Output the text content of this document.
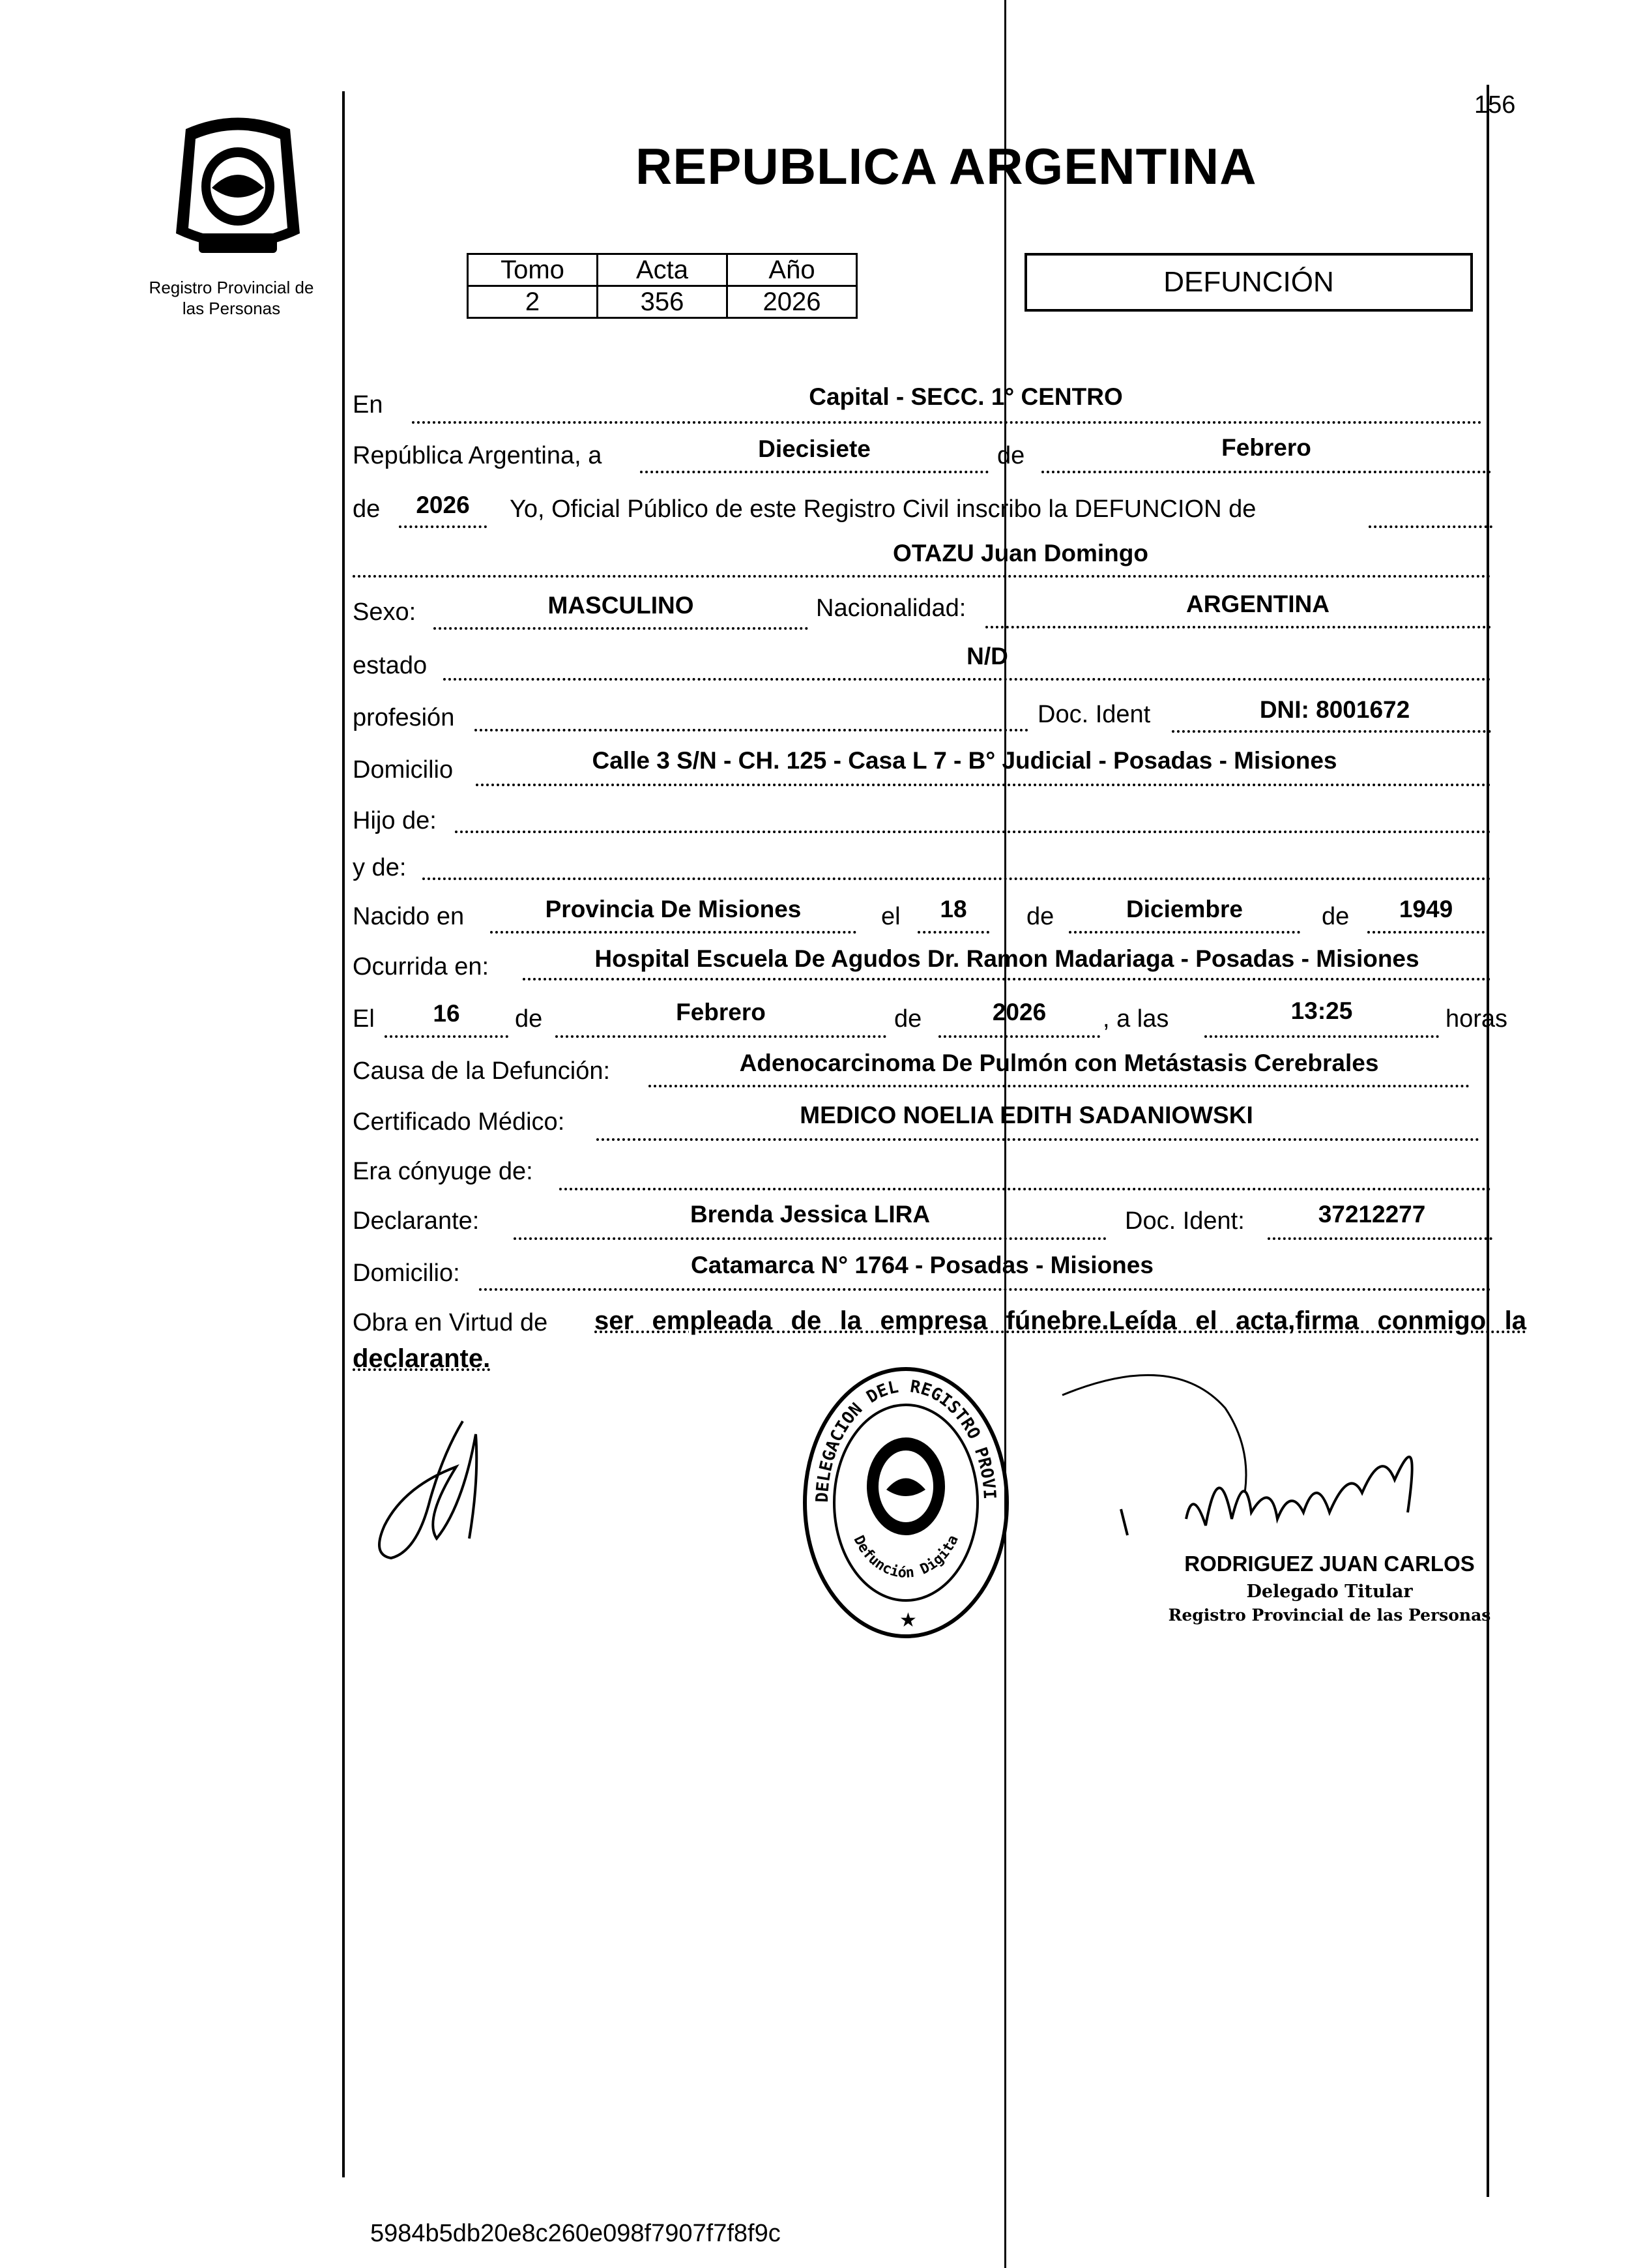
156
Registro Provincial de
las Personas
REPUBLICA ARGENTINA
Tomo	Acta	Año
2	356	2026
DEFUNCIÓN
En	Capital - SECC. 1° CENTRO
República Argentina, a	Diecisiete	de	Febrero
de	2026	Yo, Oficial Público de este Registro Civil inscribo la DEFUNCION de
OTAZU Juan Domingo
Sexo:	MASCULINO	Nacionalidad:	ARGENTINA
estado	N/D
profesión	Doc. Ident	DNI: 8001672
Domicilio	Calle 3 S/N - CH. 125 - Casa L 7 - B° Judicial - Posadas - Misiones
Hijo de:
y de:
Nacido en	Provincia De Misiones	el	18	de	Diciembre	de	1949
Ocurrida en:	Hospital Escuela De Agudos Dr. Ramon Madariaga - Posadas - Misiones
El	16	de	Febrero	de	2026	, a las	13:25	horas
Causa de la Defunción:	Adenocarcinoma De Pulmón con Metástasis Cerebrales
Certificado Médico:	MEDICO NOELIA EDITH SADANIOWSKI
Era cónyuge de:
Declarante:	Brenda Jessica LIRA	Doc. Ident:	37212277
Domicilio:	Catamarca N° 1764 - Posadas - Misiones
Obra en Virtud de ser empleada de la empresa fúnebre.Leída el acta,firma conmigo la
declarante.
DELEGACION DEL REGISTRO PROVI
Defunción Digita
★
RODRIGUEZ JUAN CARLOS
Delegado Titular
Registro Provincial de las Personas
5984b5db20e8c260e098f7907f7f8f9c
